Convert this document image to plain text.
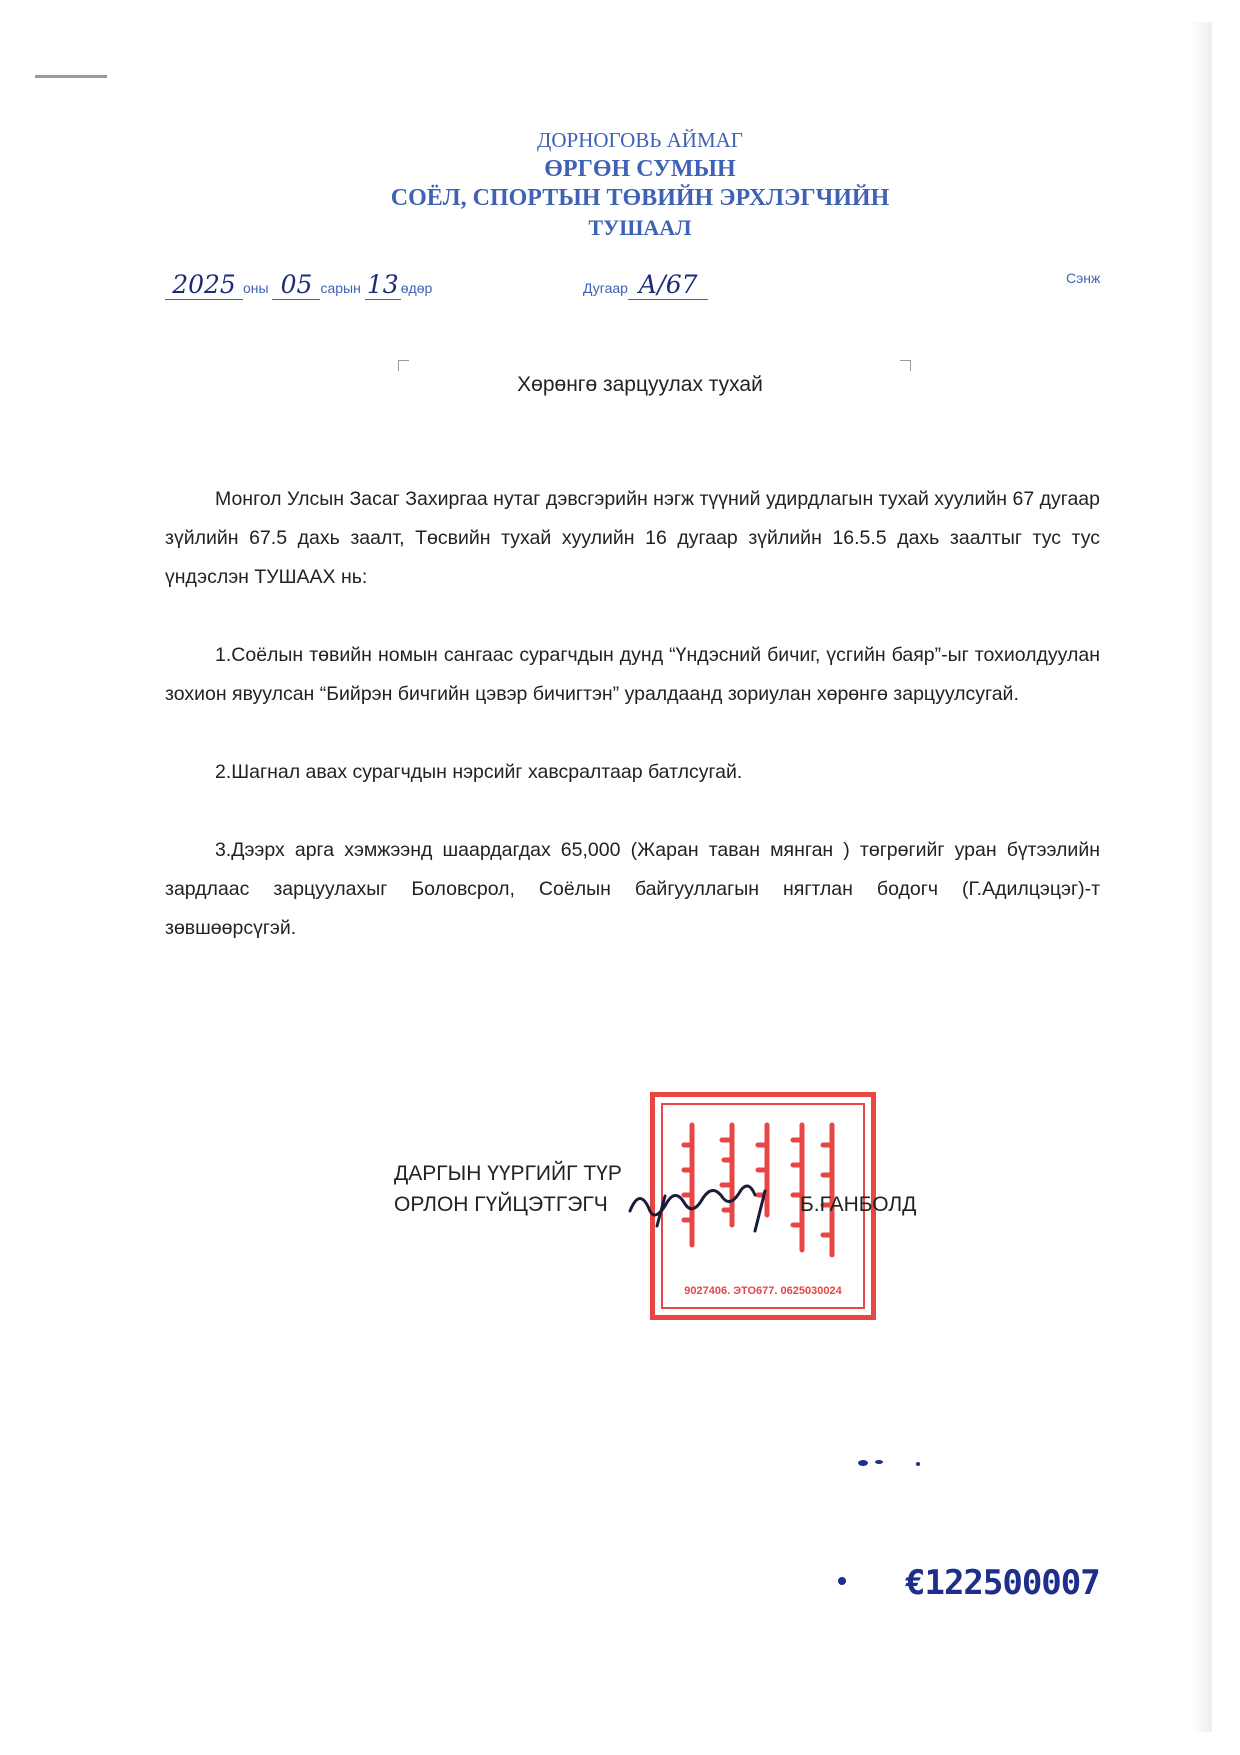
ДОРНОГОВЬ АЙМАГ
ӨРГӨН СУМЫН
СОЁЛ, СПОРТЫН ТӨВИЙН ЭРХЛЭГЧИЙН
ТУШААЛ
2025 оны 05 сарын 13 өдөр	Дугаар А/67	Сэнж
Хөрөнгө зарцуулах тухай

Монгол Улсын Засаг Захиргаа нутаг дэвсгэрийн нэгж түүний удирдлагын тухай хуулийн 67 дугаар зүйлийн 67.5 дахь заалт, Төсвийн тухай хуулийн 16 дугаар зүйлийн 16.5.5 дахь заалтыг тус тус үндэслэн ТУШААХ нь:

1.Соёлын төвийн номын сангаас сурагчдын дунд “Үндэсний бичиг, үсгийн баяр”-ыг тохиолдуулан зохион явуулсан “Бийрэн бичгийн цэвэр бичигтэн” уралдаанд зориулан хөрөнгө зарцуулсугай.

2.Шагнал авах сурагчдын нэрсийг хавсралтаар батлсугай.

3.Дээрх арга хэмжээнд шаардагдах 65,000 (Жаран таван мянган ) төгрөгийг уран бүтээлийн зардлаас зарцуулахыг Боловсрол, Соёлын байгууллагын нягтлан бодогч (Г.Адилцэцэг)-т зөвшөөрсүгэй.

9027406. ЭТО677. 0625030024
ДАРГЫН ҮҮРГИЙГ ТҮР
ОРЛОН ГҮЙЦЭТГЭГЧ	Б.ГАНБОЛД
€122500007
